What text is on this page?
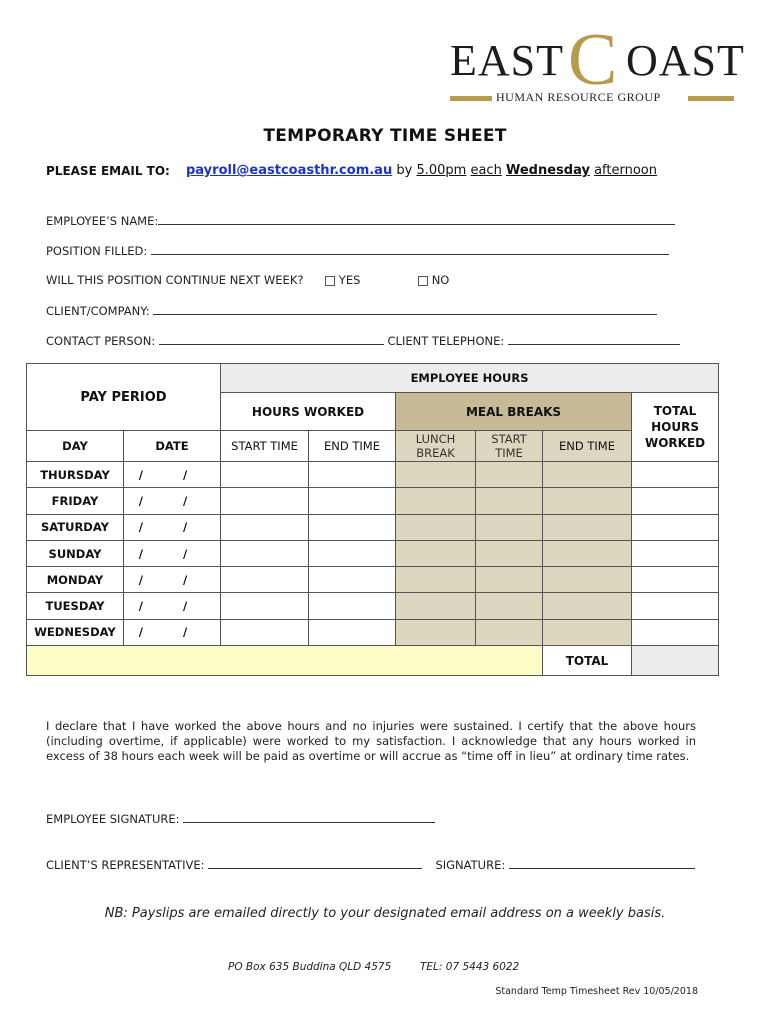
EAST C OAST
HUMAN RESOURCE GROUP
TEMPORARY TIME SHEET
PLEASE EMAIL TO: payroll@eastcoasthr.com.au by 5.00pm each Wednesday afternoon
EMPLOYEE’S NAME:
POSITION FILLED:
WILL THIS POSITION CONTINUE NEXT WEEK?	YES	NO
CLIENT/COMPANY:
CONTACT PERSON:	CLIENT TELEPHONE:
PAY PERIOD		EMPLOYEE HOURS					
		HOURS WORKED		MEAL BREAKS			TOTAL HOURS WORKED
DAY	DATE	START TIME	END TIME	LUNCH BREAK	START TIME	END TIME	
THURSDAY	/ /						
FRIDAY	/ /						
SATURDAY	/ /						
SUNDAY	/ /						
MONDAY	/ /						
TUESDAY	/ /						
WEDNESDAY	/ /						
						TOTAL	
I declare that I have worked the above hours and no injuries were sustained. I certify that the above hours (including overtime, if applicable) were worked to my satisfaction. I acknowledge that any hours worked in excess of 38 hours each week will be paid as overtime or will accrue as “time off in lieu” at ordinary time rates.
EMPLOYEE SIGNATURE:
CLIENT’S REPRESENTATIVE:	SIGNATURE:
NB: Payslips are emailed directly to your designated email address on a weekly basis.
PO Box 635 Buddina QLD 4575	TEL: 07 5443 6022
Standard Temp Timesheet Rev 10/05/2018
